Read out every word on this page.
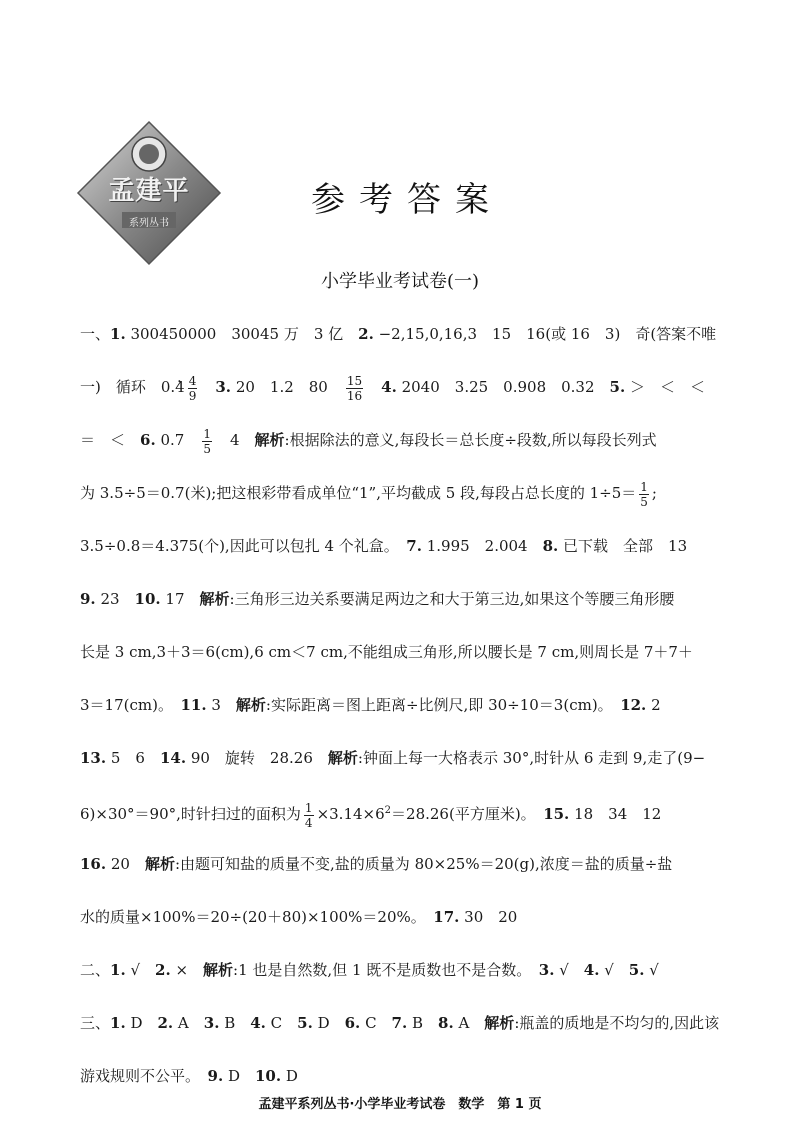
孟建平
系列丛书
参考答案
小学毕业考试卷(一)
一、1. 300450000　30045 万　3 亿　2. −2,15,0,16,3　15　16(或 16　3)　奇(答案不唯
一)　循环　$0.\cdot 4 \frac{4}{9}$
　 3. 20　1.2　80　 $\frac{15}{16}$
　 4. 2040　3.25　0.908　0.32　5. ＞　＜　＜
＝　＜　6. 0.7　 $\frac{1}{5}$ 　4　解析:根据除法的意义,每段长＝总长度÷段数,所以每段长列式
为 3.5÷5＝0.7(米);把这根彩带看成单位“1”,平均截成 5 段,每段占总长度的 $1\div 5= \frac{1}{5}$ ;
3.5÷0.8＝4.375(个),因此可以包扎 4 个礼盒。　7. 1.995　2.004　8. 已下载　全部　13
9. 23　10. 17　解析:三角形三边关系要满足两边之和大于第三边,如果这个等腰三角形腰
长是 3 cm,3＋3＝6(cm),6 cm＜7 cm,不能组成三角形,所以腰长是 7 cm,则周长是 7＋7＋
3＝17(cm)。　11. 3　解析:实际距离＝图上距离÷比例尺,即 30÷10＝3(cm)。　12. 2
13. 5　6　14. 90　旋转　28.26　解析:钟面上每一大格表示 30°,时针从 6 走到 9,走了(9−
6)×30°＝90°,时针扫过的面积为 $\frac{1}{4} \times 3.14\times 6^2=28.26$(平方厘米)。　15. 18　34　12
16. 20　解析:由题可知盐的质量不变,盐的质量为 80×25%＝20(g),浓度＝盐的质量÷盐
水的质量×100%＝20÷(20＋80)×100%＝20%。　17. 30　20
二、1. √　2. ×　解析:1 也是自然数,但 1 既不是质数也不是合数。　3. √　4. √　5. √
三、1. D　2. A　3. B　4. C　5. D　6. C　7. B　8. A　解析:瓶盖的质地是不均匀的,因此该
游戏规则不公平。　9. D　10. D
孟建平系列丛书·小学毕业考试卷　数学　第 1 页
